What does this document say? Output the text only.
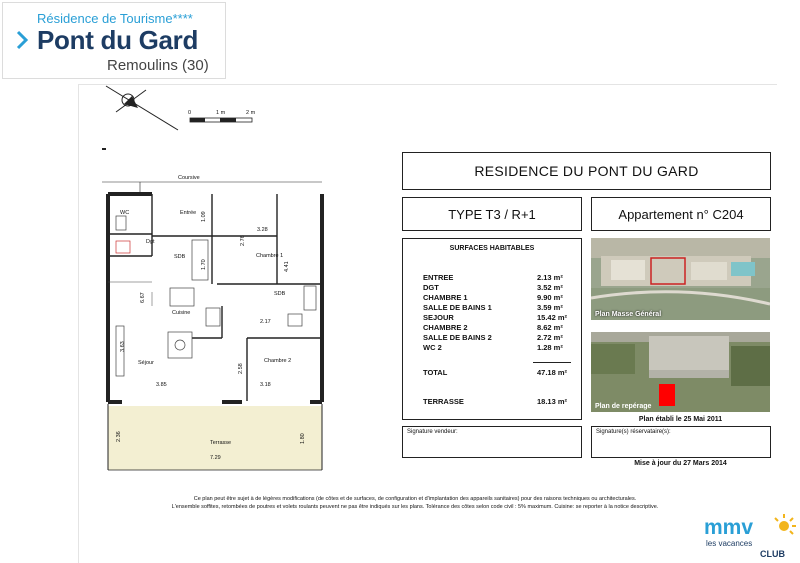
Résidence de Tourisme****
Pont du Gard
Remoulins (30)
0	1 m	2 m
Coursive
WC	Entrée
Dgt
SDB	Chambre 1
SDB
Cuisine
Séjour	Chambre 2
Terrasse
1.09
2.76
3.28
4.41
1.70
6.67
2.17
3.63
2.58
3.85	3.18
2.36	1.80
7.29
RESIDENCE DU PONT DU GARD
TYPE T3 / R+1	Appartement n° C204
SURFACES HABITABLES
ENTREE	2.13 m²
DGT	3.52 m²
CHAMBRE 1	9.90 m²
SALLE DE BAINS 1	3.59 m²
SEJOUR	15.42 m²
CHAMBRE 2	8.62 m²
SALLE DE BAINS 2	2.72 m²
WC 2	1.28 m²
TOTAL	47.18 m²
TERRASSE	18.13 m²
Plan Masse Général
Plan de repérage
Plan établi le 25 Mai 2011
Signature vendeur:	Signature(s) réservataire(s):
Mise à jour du 27 Mars 2014
Ce plan peut être sujet à de légères modifications (de côtes et de surfaces, de configuration et d'implantation des appareils sanitaires) pour des raisons techniques ou architecturales.
L'ensemble soffites, retombées de poutres et volets roulants peuvent ne pas être indiqués sur les plans. Tolérance des côtes selon code civil : 5% maximum. Cuisine: se reporter à la notice descriptive.
mmv
les vacances
CLUB
